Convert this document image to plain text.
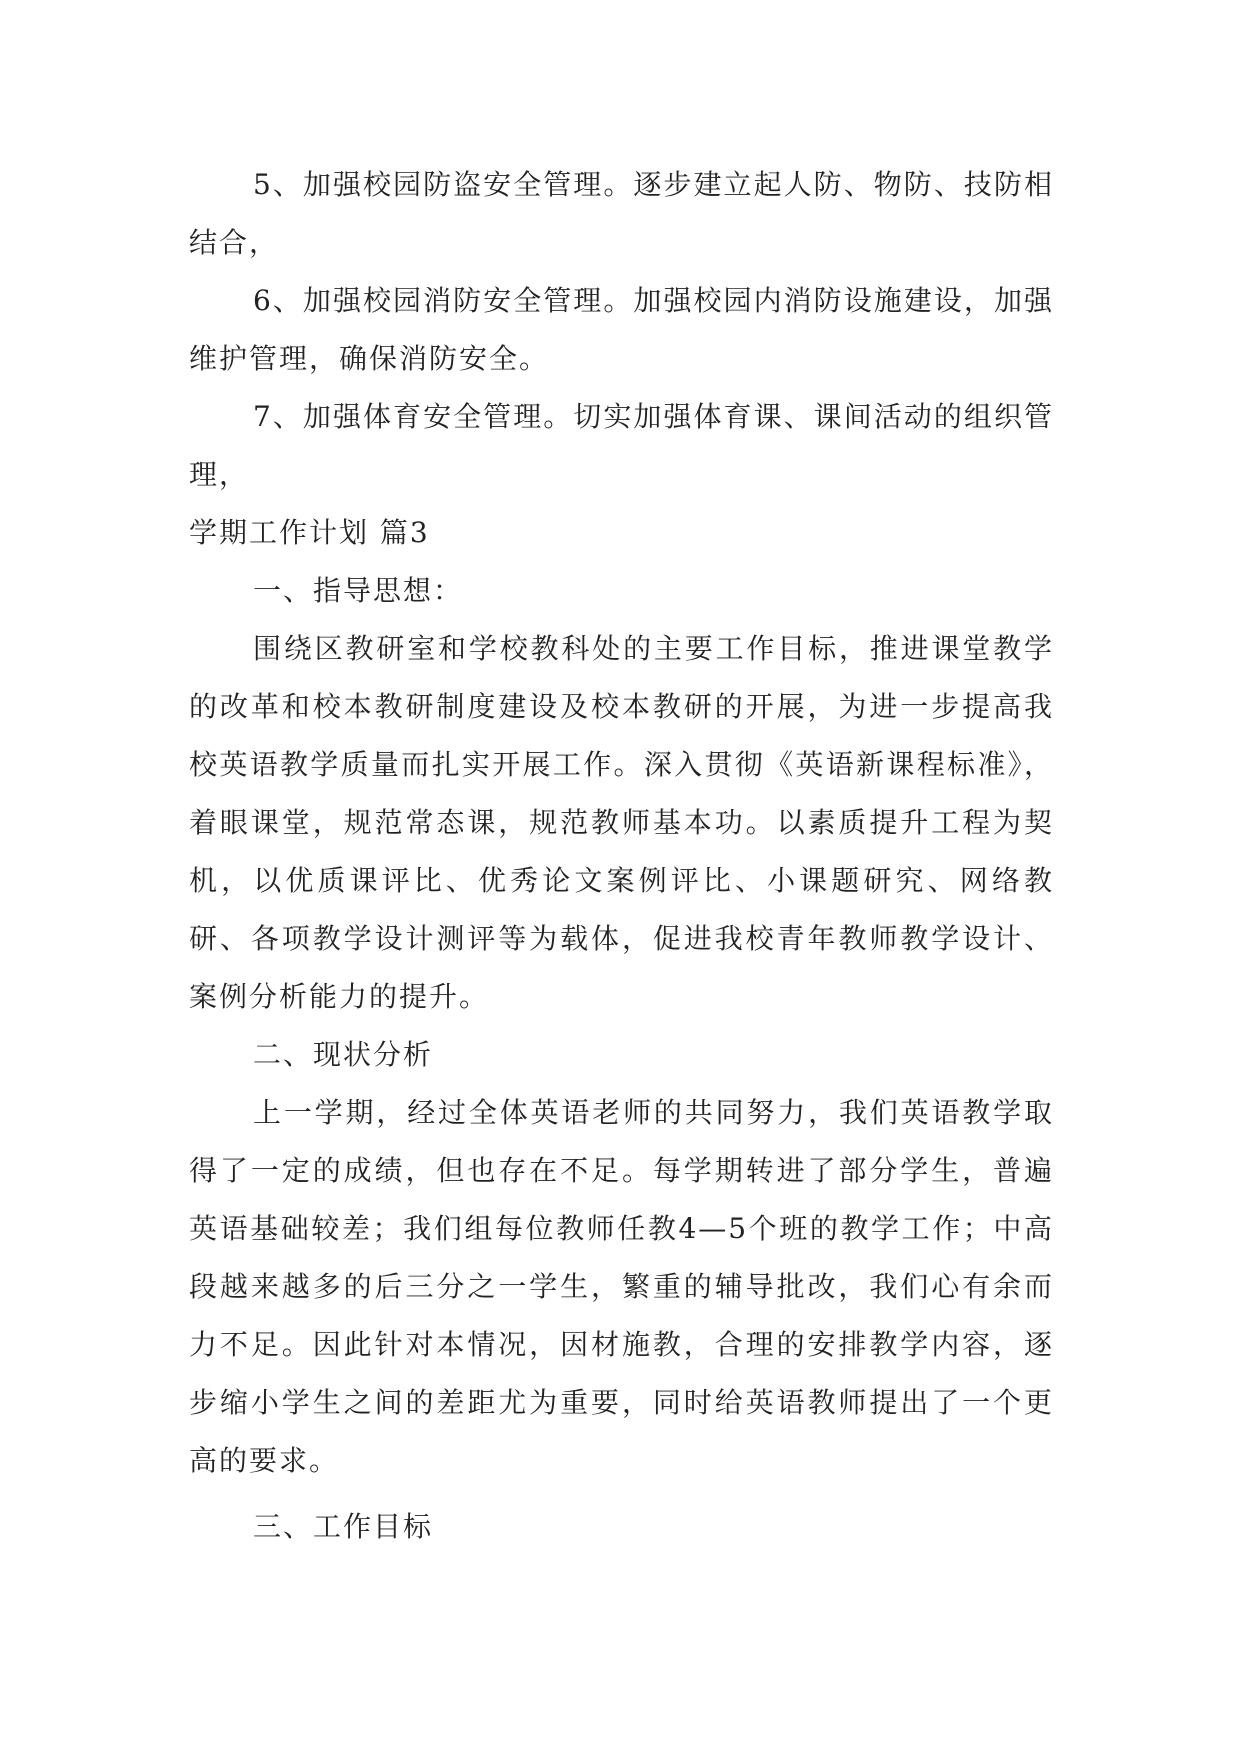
5、加强校园防盗安全管理。逐步建立起人防、物防、技防相结合，

6、加强校园消防安全管理。加强校园内消防设施建设，加强维护管理，确保消防安全。

7、加强体育安全管理。切实加强体育课、课间活动的组织管理，

学期工作计划 篇3

一、指导思想：

围绕区教研室和学校教科处的主要工作目标，推进课堂教学的改革和校本教研制度建设及校本教研的开展，为进一步提高我校英语教学质量而扎实开展工作。深入贯彻《英语新课程标准》，着眼课堂，规范常态课，规范教师基本功。以素质提升工程为契机，以优质课评比、优秀论文案例评比、小课题研究、网络教研、各项教学设计测评等为载体，促进我校青年教师教学设计、案例分析能力的提升。

二、现状分析

上一学期，经过全体英语老师的共同努力，我们英语教学取得了一定的成绩，但也存在不足。每学期转进了部分学生，普遍英语基础较差；我们组每位教师任教4—5个班的教学工作；中高段越来越多的后三分之一学生，繁重的辅导批改，我们心有余而力不足。因此针对本情况，因材施教，合理的安排教学内容，逐步缩小学生之间的差距尤为重要，同时给英语教师提出了一个更高的要求。

三、工作目标
